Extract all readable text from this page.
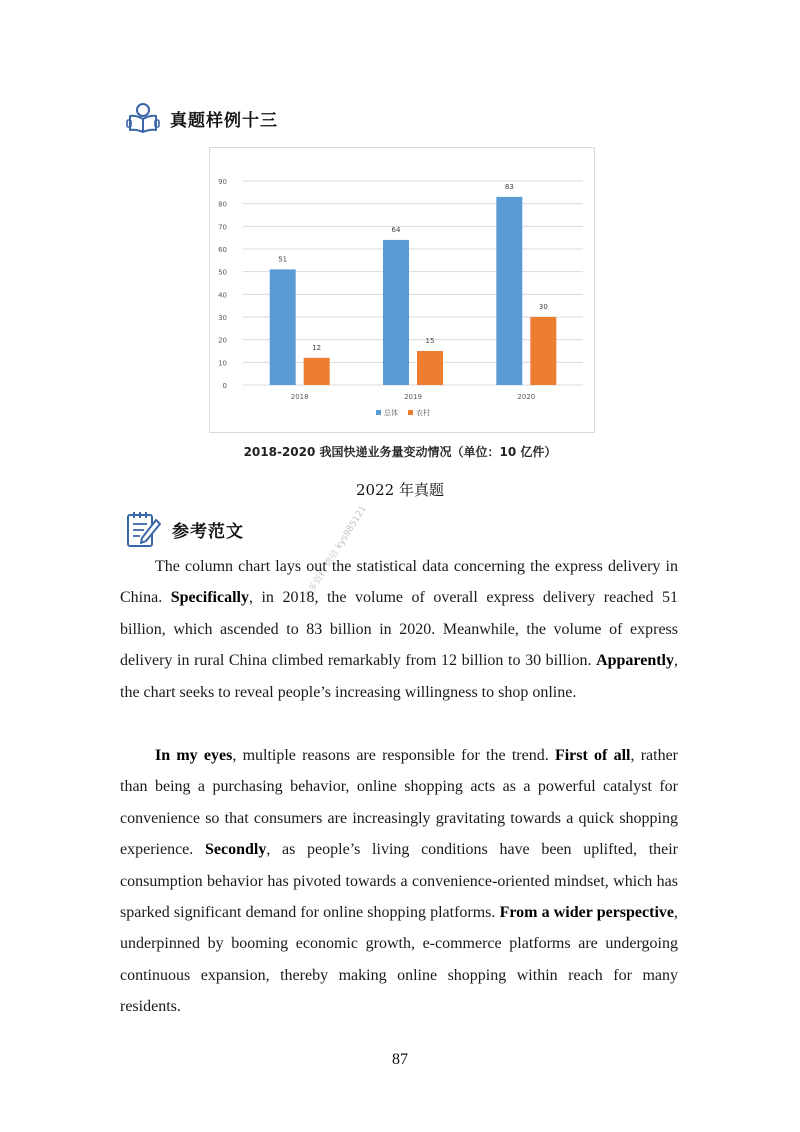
真题样例十三
0
10
20
30
40
50
60
70
80
90
2018
51
12
2019
64
15
2020
83
30
总体	农村
2018-2020 我国快递业务量变动情况（单位：10 亿件）
2022 年真题
参考范文

The column chart lays out the statistical data concerning the express delivery in China. Specifically, in 2018, the volume of overall express delivery reached 51 billion, which ascended to 83 billion in 2020. Meanwhile, the volume of express delivery in rural China climbed remarkably from 12 billion to 30 billion. Apparently, the chart seeks to reveal people’s increasing willingness to shop online.

In my eyes, multiple reasons are responsible for the trend. First of all, rather than being a purchasing behavior, online shopping acts as a powerful catalyst for convenience so that consumers are increasingly gravitating towards a quick shopping experience. Secondly, as people’s living conditions have been uplifted, their consumption behavior has pivoted towards a convenience-oriented mindset, which has sparked significant demand for online shopping platforms. From a wider perspective, underpinned by booming economic growth, e-commerce platforms are undergoing continuous expansion, thereby making online shopping within reach for many residents.

87
更多资料 微信 kys985121
